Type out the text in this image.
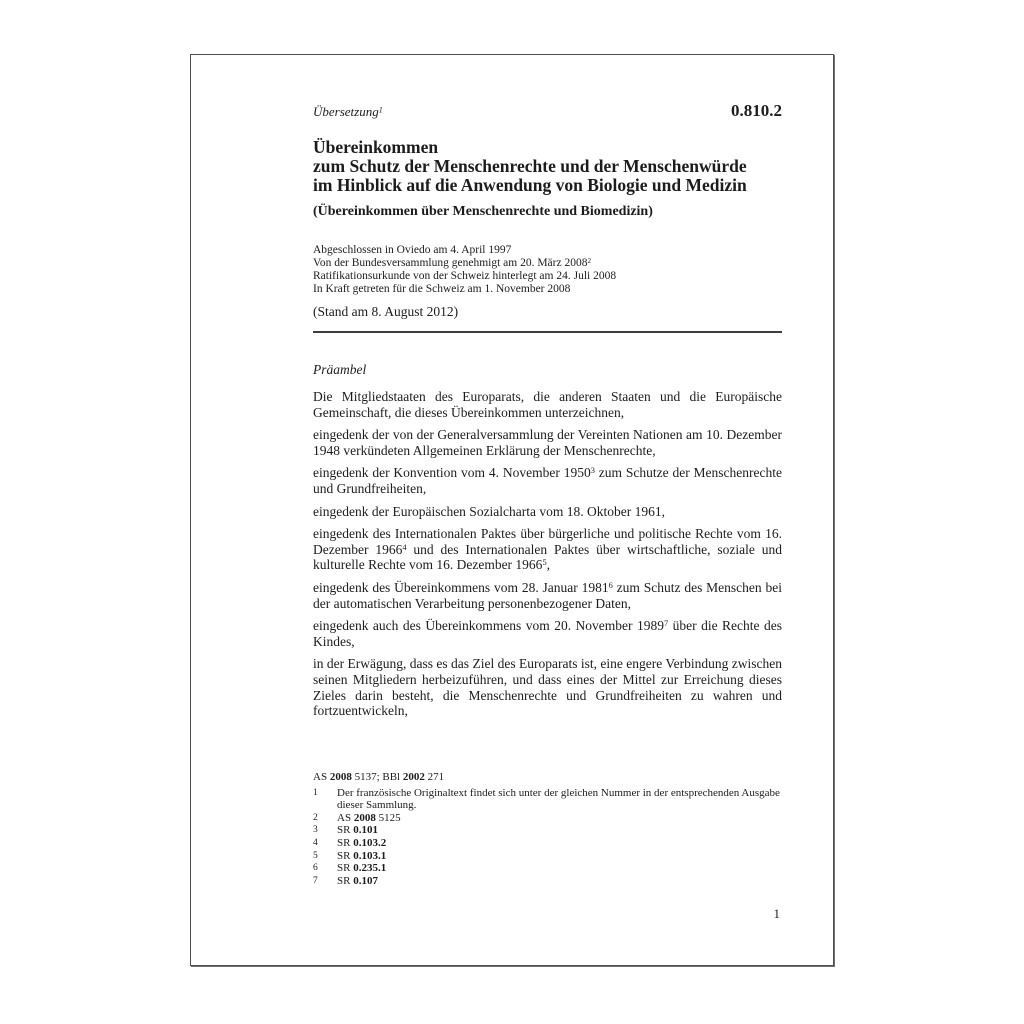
Übersetzung$^1$	0.810.2
Übereinkommen
zum Schutz der Menschenrechte und der Menschenwürde
im Hinblick auf die Anwendung von Biologie und Medizin
(Übereinkommen über Menschenrechte und Biomedizin)
Abgeschlossen in Oviedo am 4. April 1997
Von der Bundesversammlung genehmigt am 20. März 2008$^2$
Ratifikationsurkunde von der Schweiz hinterlegt am 24. Juli 2008
In Kraft getreten für die Schweiz am 1. November 2008
(Stand am 8. August 2012)
Präambel

Die Mitgliedstaaten des Europarats, die anderen Staaten und die Europäische Gemeinschaft, die dieses Übereinkommen unterzeichnen,

eingedenk der von der Generalversammlung der Vereinten Nationen am 10. Dezember 1948 verkündeten Allgemeinen Erklärung der Menschenrechte,

eingedenk der Konvention vom 4. November 1950$^3$ zum Schutze der Menschenrechte und Grundfreiheiten,

eingedenk der Europäischen Sozialcharta vom 18. Oktober 1961,

eingedenk des Internationalen Paktes über bürgerliche und politische Rechte vom 16. Dezember 1966$^4$ und des Internationalen Paktes über wirtschaftliche, soziale und kulturelle Rechte vom 16. Dezember 1966$^5$,

eingedenk des Übereinkommens vom 28. Januar 1981$^6$ zum Schutz des Menschen bei der automatischen Verarbeitung personenbezogener Daten,

eingedenk auch des Übereinkommens vom 20. November 1989$^7$ über die Rechte des Kindes,

in der Erwägung, dass es das Ziel des Europarats ist, eine engere Verbindung zwischen seinen Mitgliedern herbeizuführen, und dass eines der Mittel zur Erreichung dieses Zieles darin besteht, die Menschenrechte und Grundfreiheiten zu wahren und fortzuentwickeln,

AS 2008 5137; BBl 2002 271
1	Der französische Originaltext findet sich unter der gleichen Nummer in der entsprechenden Ausgabe dieser Sammlung.
2	AS 2008 5125
3	SR 0.101
4	SR 0.103.2
5	SR 0.103.1
6	SR 0.235.1
7	SR 0.107
1
